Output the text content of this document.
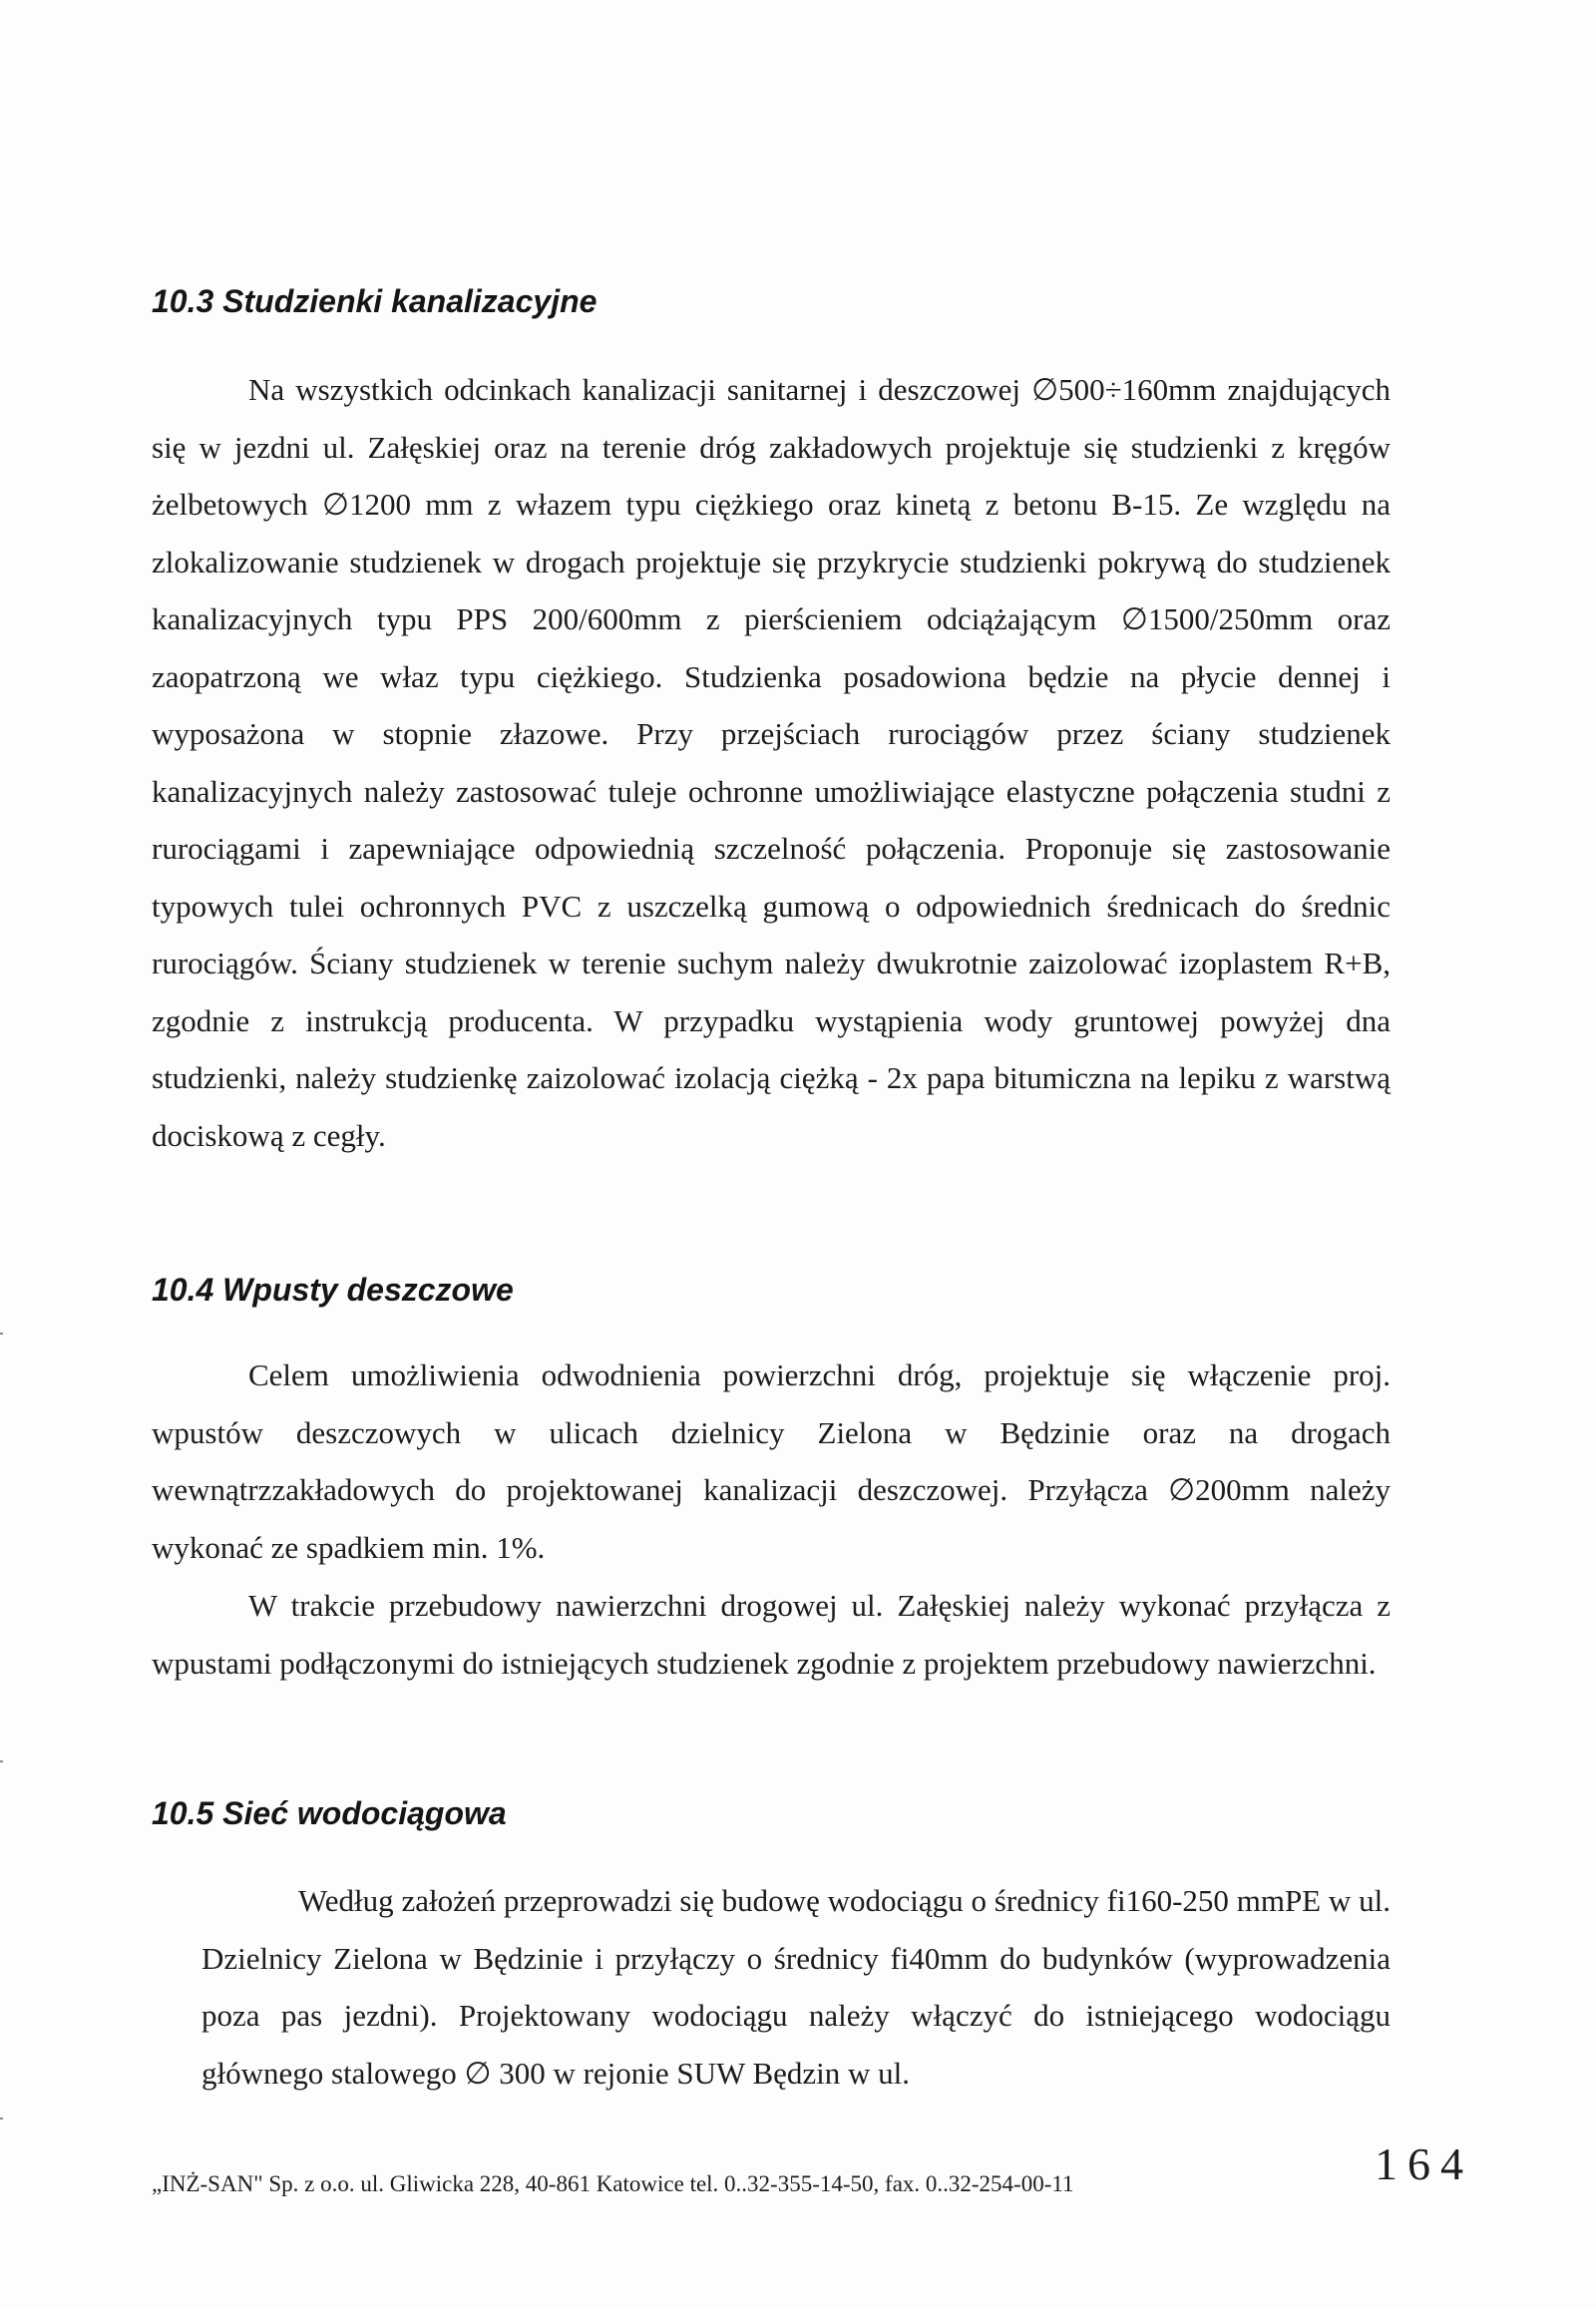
10.3 Studzienki kanalizacyjne

Na wszystkich odcinkach kanalizacji sanitarnej i deszczowej ∅500÷160mm znajdujących się w jezdni ul. Załęskiej oraz na terenie dróg zakładowych projektuje się studzienki z kręgów żelbetowych ∅1200 mm z włazem typu ciężkiego oraz kinetą z betonu B-15. Ze względu na zlokalizowanie studzienek w drogach projektuje się przykrycie studzienki pokrywą do studzienek kanalizacyjnych typu PPS 200/600mm z pierścieniem odciążającym ∅1500/250mm oraz zaopatrzoną we właz typu ciężkiego. Studzienka posadowiona będzie na płycie dennej i wyposażona w stopnie złazowe. Przy przejściach rurociągów przez ściany studzienek kanalizacyjnych należy zastosować tuleje ochronne umożliwiające elastyczne połączenia studni z rurociągami i zapewniające odpowiednią szczelność połączenia. Proponuje się zastosowanie typowych tulei ochronnych PVC z uszczelką gumową o odpowiednich średnicach do średnic rurociągów. Ściany studzienek w terenie suchym należy dwukrotnie zaizolować izoplastem R+B, zgodnie z instrukcją producenta. W przypadku wystąpienia wody gruntowej powyżej dna studzienki, należy studzienkę zaizolować izolacją ciężką - 2x papa bitumiczna na lepiku z warstwą dociskową z cegły.

10.4 Wpusty deszczowe

Celem umożliwienia odwodnienia powierzchni dróg, projektuje się włączenie proj. wpustów deszczowych w ulicach dzielnicy Zielona w Będzinie oraz na drogach wewnątrzzakładowych do projektowanej kanalizacji deszczowej. Przyłącza ∅200mm należy wykonać ze spadkiem min. 1%.

W trakcie przebudowy nawierzchni drogowej ul. Załęskiej należy wykonać przyłącza z wpustami podłączonymi do istniejących studzienek zgodnie z projektem przebudowy nawierzchni.

10.5 Sieć wodociągowa

Według założeń przeprowadzi się budowę wodociągu o średnicy fi160-250 mmPE w ul. Dzielnicy Zielona w Będzinie i przyłączy o średnicy fi40mm do budynków (wyprowadzenia poza pas jezdni). Projektowany wodociągu należy włączyć do istniejącego wodociągu głównego stalowego ∅ 300 w rejonie SUW Będzin w ul.

„INŻ-SAN" Sp. z o.o. ul. Gliwicka 228, 40-861 Katowice tel. 0..32-355-14-50, fax. 0..32-254-00-11	164
